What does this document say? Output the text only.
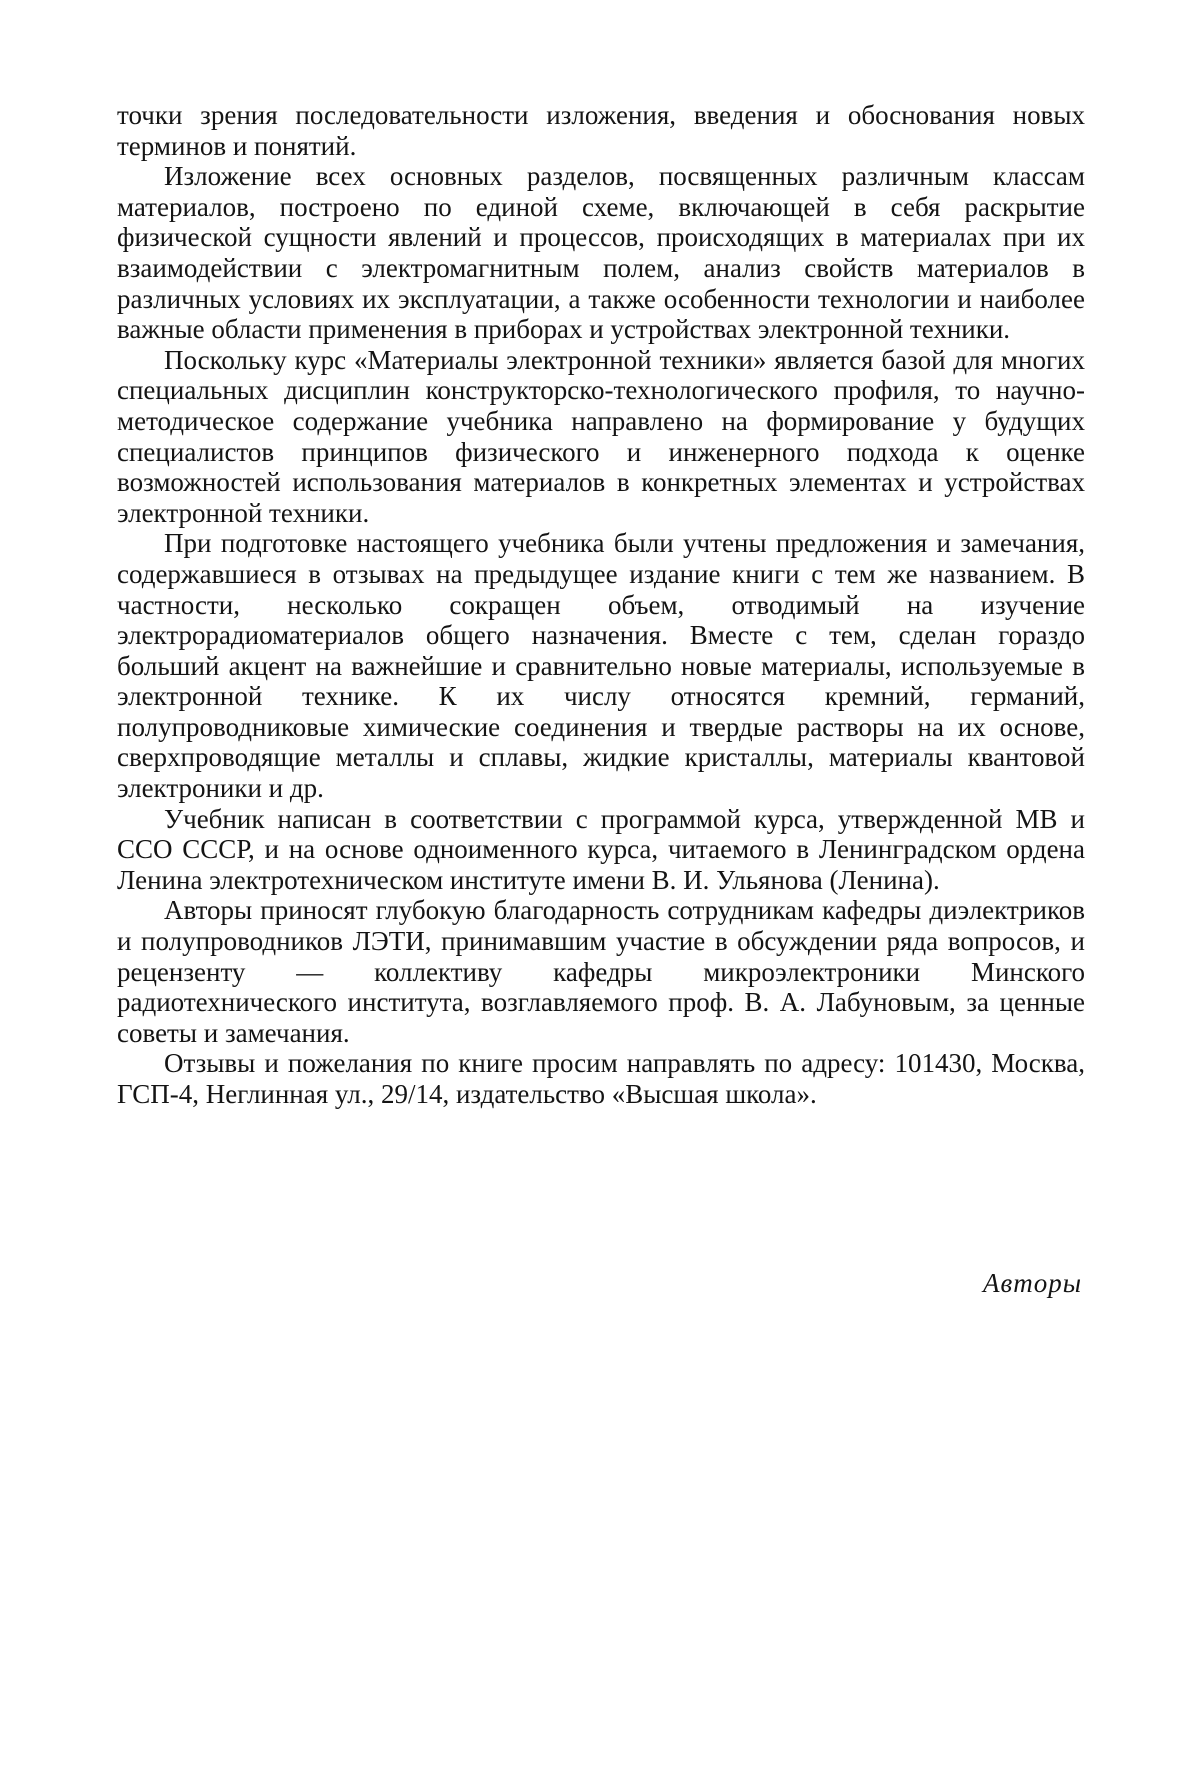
точки зрения последовательности изложения, введения и обоснования новых терминов и понятий.

Изложение всех основных разделов, посвященных различным классам материалов, построено по единой схеме, включающей в себя раскрытие физической сущности явлений и процессов, происходящих в материалах при их взаимодействии с электромагнитным полем, анализ свойств материалов в различных условиях их эксплуатации, а также особенности технологии и наиболее важные области применения в приборах и устройствах электронной техники.

Поскольку курс «Материалы электронной техники» является базой для многих специальных дисциплин конструкторско-технологического профиля, то научно-методическое содержание учебника направлено на формирование у будущих специалистов принципов физического и инженерного подхода к оценке возможностей использования материалов в конкретных элементах и устройствах электронной техники.

При подготовке настоящего учебника были учтены предложения и замечания, содержавшиеся в отзывах на предыдущее издание книги с тем же названием. В частности, несколько сокращен объем, отводимый на изучение электрорадиоматериалов общего назначения. Вместе с тем, сделан гораздо больший акцент на важнейшие и сравнительно новые материалы, используемые в электронной технике. К их числу относятся кремний, германий, полупроводниковые химические соединения и твердые растворы на их основе, сверхпроводящие металлы и сплавы, жидкие кристаллы, материалы квантовой электроники и др.

Учебник написан в соответствии с программой курса, утвержденной МВ и ССО СССР, и на основе одноименного курса, читаемого в Ленинградском ордена Ленина электротехническом институте имени В. И. Ульянова (Ленина).

Авторы приносят глубокую благодарность сотрудникам кафедры диэлектриков и полупроводников ЛЭТИ, принимавшим участие в обсуждении ряда вопросов, и рецензенту — коллективу кафедры микроэлектроники Минского радиотехнического института, возглавляемого проф. В. А. Лабуновым, за ценные советы и замечания.

Отзывы и пожелания по книге просим направлять по адресу: 101430, Москва, ГСП-4, Неглинная ул., 29/14, издательство «Высшая школа».

Авторы
